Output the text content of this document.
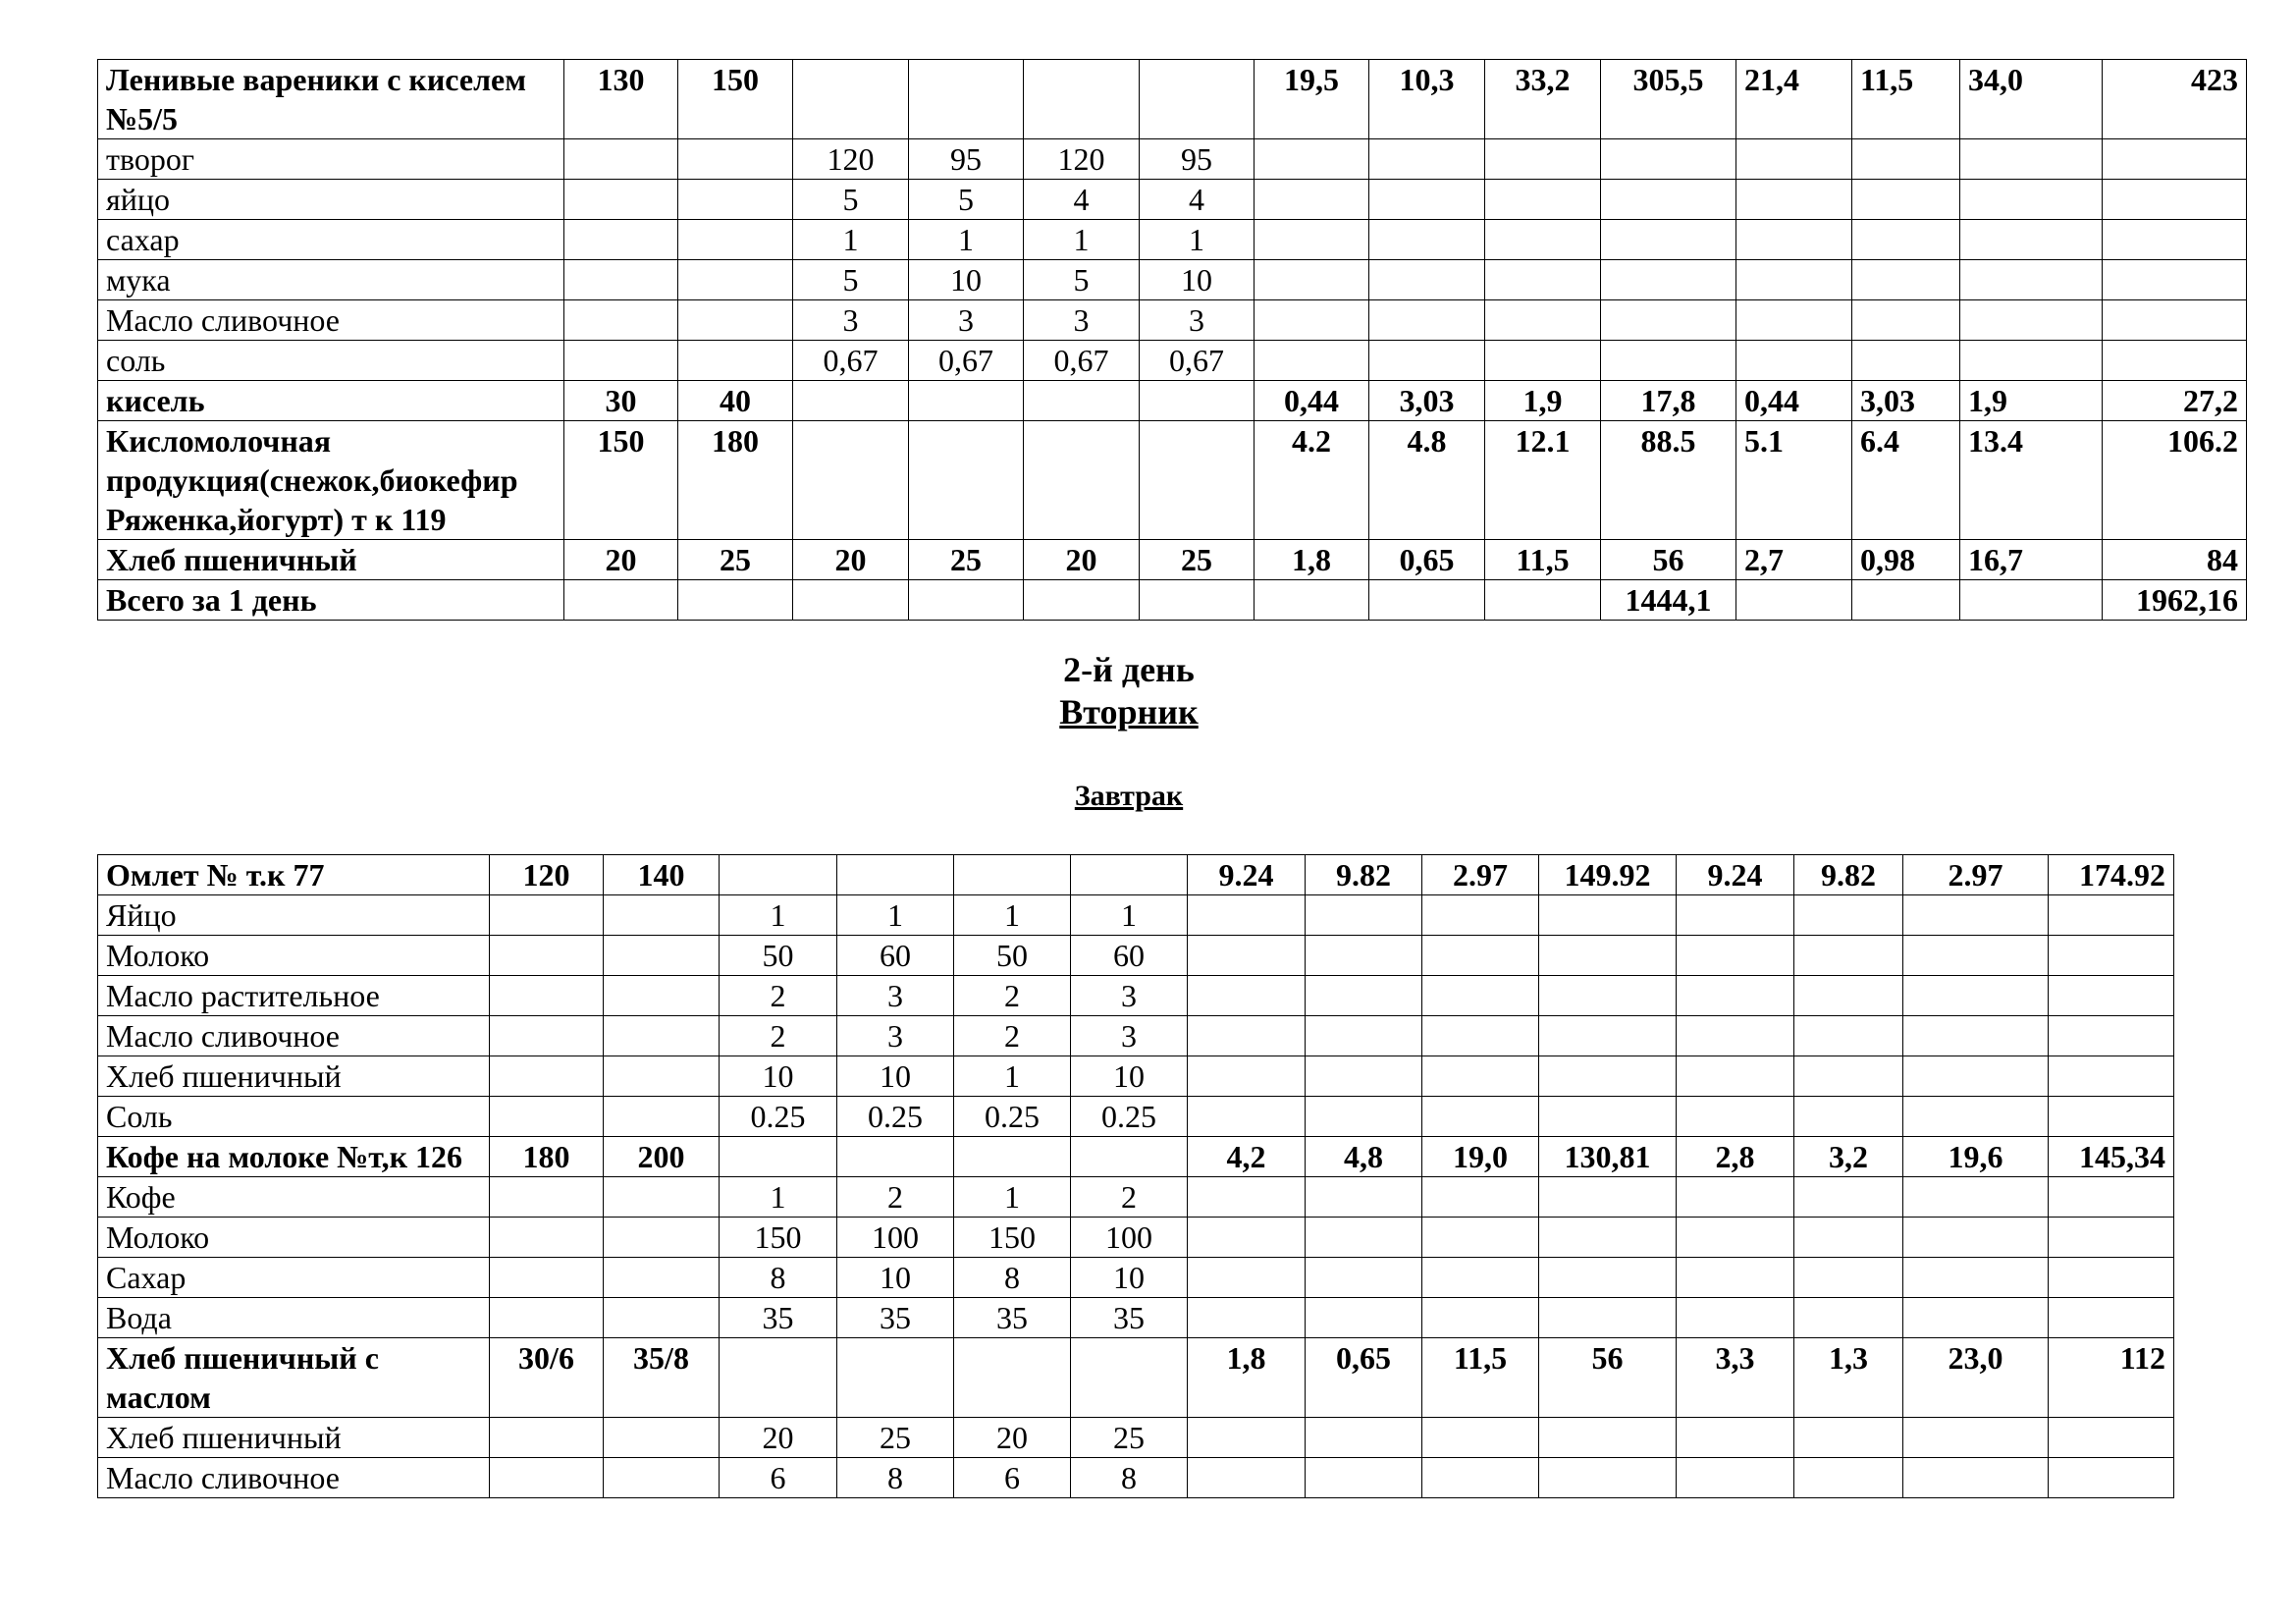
Ленивые вареники с киселем №5/5	130	150					19,5	10,3	33,2	305,5	21,4	11,5	34,0	423
творог			120	95	120	95								
яйцо			5	5	4	4								
сахар			1	1	1	1								
мука			5	10	5	10								
Масло сливочное			3	3	3	3								
соль			0,67	0,67	0,67	0,67								
кисель	30	40					0,44	3,03	1,9	17,8	0,44	3,03	1,9	27,2
Кисломолочная продукция(снежок,биокефир Ряженка,йогурт) т к 119	150	180					4.2	4.8	12.1	88.5	5.1	6.4	13.4	106.2
Хлеб пшеничный	20	25	20	25	20	25	1,8	0,65	11,5	56	2,7	0,98	16,7	84
Всего за 1 день										1444,1				1962,16
2-й день
Вторник
Завтрак
Омлет № т.к 77	120	140					9.24	9.82	2.97	149.92	9.24	9.82	2.97	174.92
Яйцо			1	1	1	1								
Молоко			50	60	50	60								
Масло растительное			2	3	2	3								
Масло сливочное			2	3	2	3								
Хлеб пшеничный			10	10	1	10								
Соль			0.25	0.25	0.25	0.25								
Кофе на молоке №т,к 126	180	200					4,2	4,8	19,0	130,81	2,8	3,2	19,6	145,34
Кофе			1	2	1	2								
Молоко			150	100	150	100								
Сахар			8	10	8	10								
Вода			35	35	35	35								
Хлеб пшеничный с маслом	30/6	35/8					1,8	0,65	11,5	56	3,3	1,3	23,0	112
Хлеб пшеничный			20	25	20	25								
Масло сливочное			6	8	6	8								
